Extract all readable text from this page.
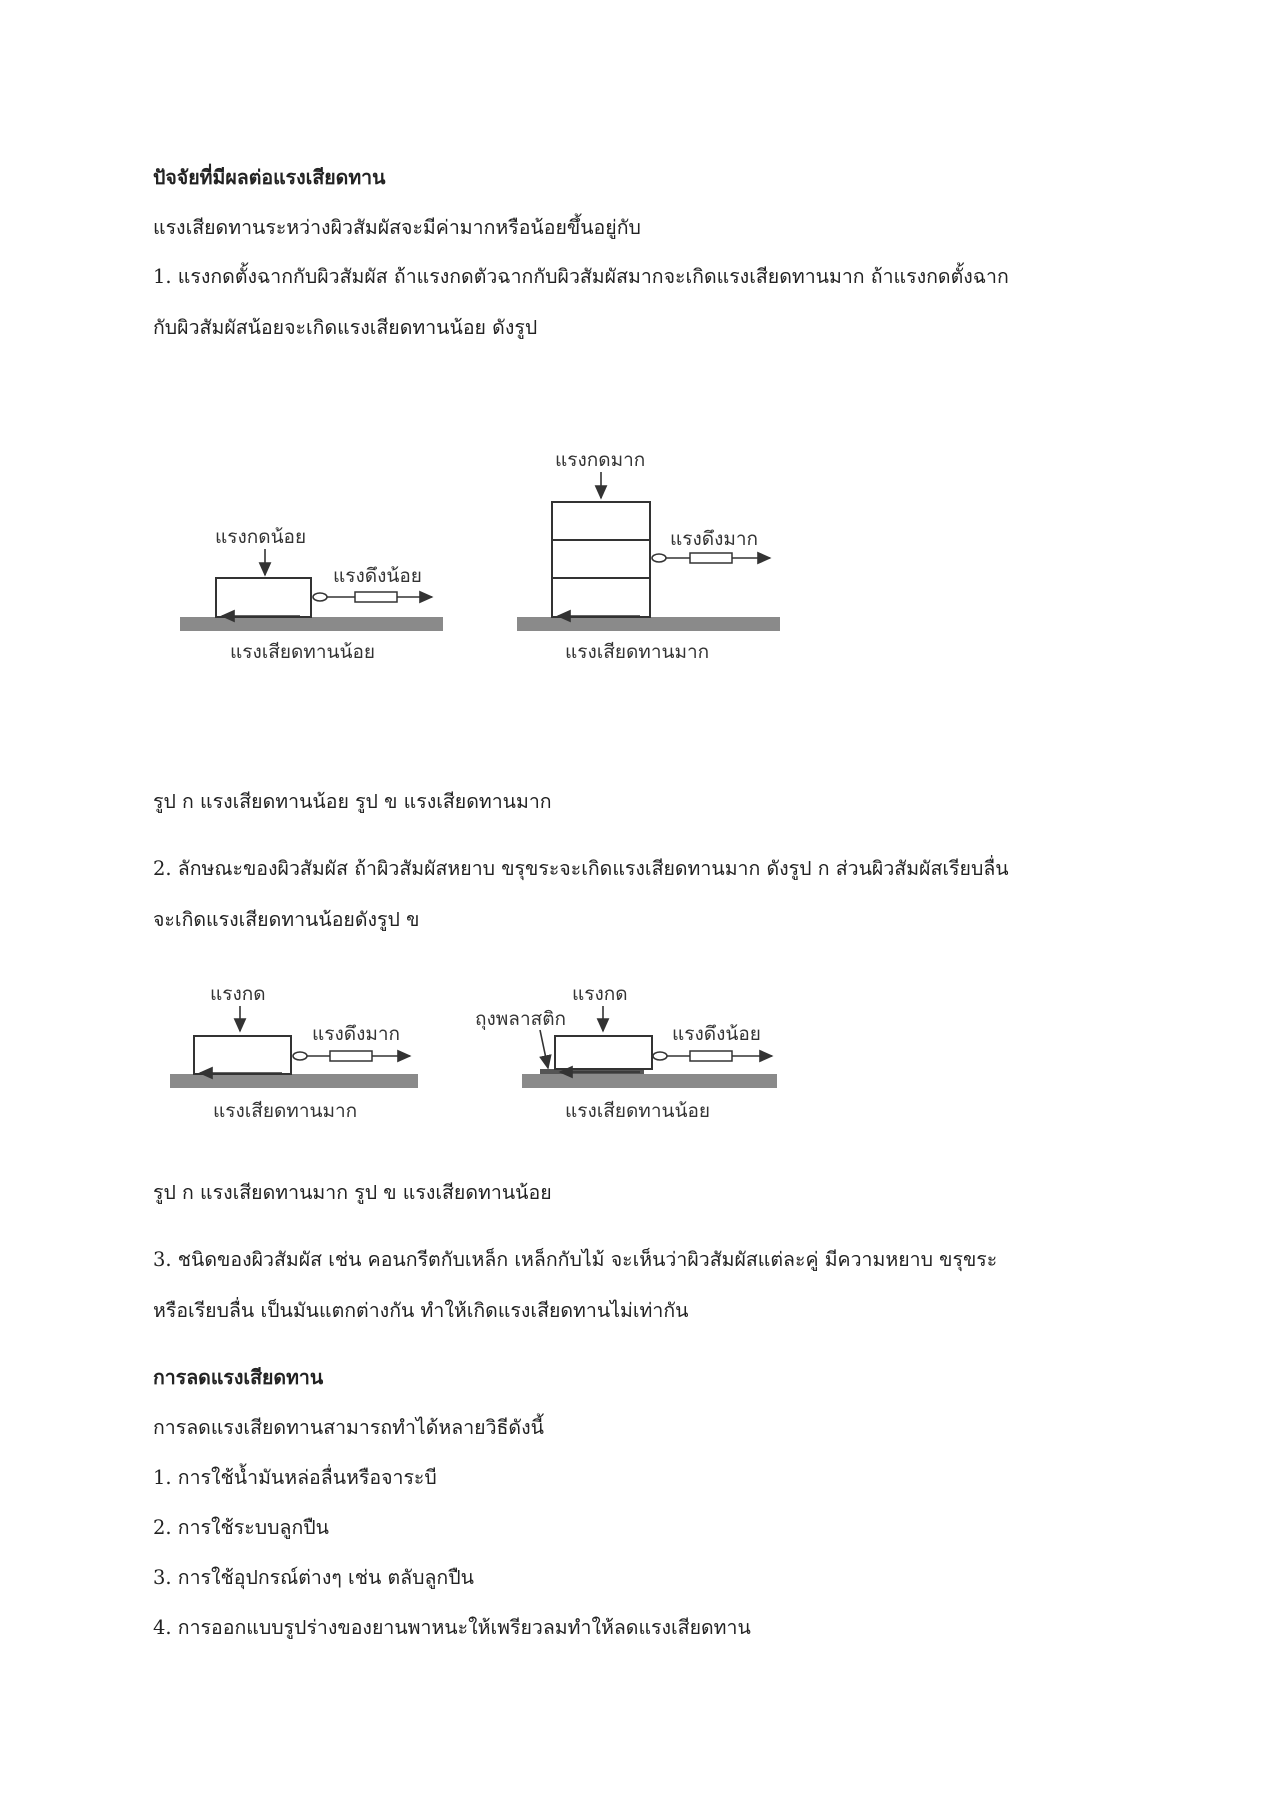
ปัจจัยที่มีผลต่อแรงเสียดทาน
แรงเสียดทานระหว่างผิวสัมผัสจะมีค่ามากหรือน้อยขึ้นอยู่กับ
1. แรงกดตั้งฉากกับผิวสัมผัส ถ้าแรงกดตัวฉากกับผิวสัมผัสมากจะเกิดแรงเสียดทานมาก ถ้าแรงกดตั้งฉาก
กับผิวสัมผัสน้อยจะเกิดแรงเสียดทานน้อย ดังรูป
แรงกดน้อย
แรงดึงน้อย
แรงเสียดทานน้อย
แรงกดมาก
แรงดึงมาก
แรงเสียดทานมาก
รูป ก แรงเสียดทานน้อย รูป ข แรงเสียดทานมาก
2. ลักษณะของผิวสัมผัส ถ้าผิวสัมผัสหยาบ ขรุขระจะเกิดแรงเสียดทานมาก ดังรูป ก ส่วนผิวสัมผัสเรียบลื่น
จะเกิดแรงเสียดทานน้อยดังรูป ข
แรงกด
แรงดึงมาก
แรงเสียดทานมาก
แรงกด
ถุงพลาสติก
แรงดึงน้อย
แรงเสียดทานน้อย
รูป ก แรงเสียดทานมาก รูป ข แรงเสียดทานน้อย
3. ชนิดของผิวสัมผัส เช่น คอนกรีตกับเหล็ก เหล็กกับไม้ จะเห็นว่าผิวสัมผัสแต่ละคู่ มีความหยาบ ขรุขระ
หรือเรียบลื่น เป็นมันแตกต่างกัน ทำให้เกิดแรงเสียดทานไม่เท่ากัน
การลดแรงเสียดทาน
การลดแรงเสียดทานสามารถทำได้หลายวิธีดังนี้
1. การใช้น้ำมันหล่อลื่นหรือจาระบี
2. การใช้ระบบลูกปืน
3. การใช้อุปกรณ์ต่างๆ เช่น ตลับลูกปืน
4. การออกแบบรูปร่างของยานพาหนะให้เพรียวลมทำให้ลดแรงเสียดทาน
